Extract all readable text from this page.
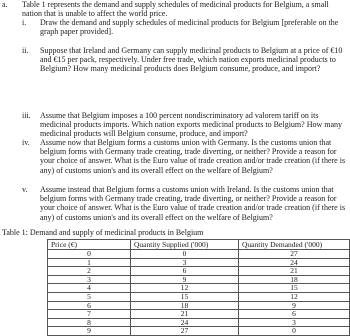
a. Table 1 represents the demand and supply schedules of medicinal products for Belgium, a small nation that is unable to affect the world price.
i.	Draw the demand and supply schedules of medicinal products for Belgium [preferable on the graph paper provided].
ii.	Suppose that Ireland and Germany can supply medicinal products to Belgium at a price of €10 and €15 per pack, respectively. Under free trade, which nation exports medicinal products to Belgium? How many medicinal products does Belgium consume, produce, and import?
iii.	Assume that Belgium imposes a 100 percent nondiscriminatory ad valorem tariff on its medicinal products imports. Which nation exports medicinal products to Belgium? How many medicinal products will Belgium consume, produce, and import?
iv.	Assume now that Belgium forms a customs union with Germany. Is the customs union that belgium forms with Germany trade creating, trade diverting, or neither? Provide a reason for your choice of answer. What is the Euro value of trade creation and/or trade creation (if there is any) of customs union's and its overall effect on the welfare of Belgium?
v.	Assume instead that Belgium forms a customs union with Ireland. Is the customs union that belgium forms with Germany trade creating, trade diverting, or neither? Provide a reason for your choice of answer. What is the Euro value of trade creation and/or trade creation (if there is any) of customs union's and its overall effect on the welfare of Belgium?
Table 1: Demand and supply of medicinal products in Belgium
Price (€)	Quantity Supplied ('000)	Quantity Demanded ('000)
0	0	27
1	3	24
2	6	21
3	9	18
4	12	15
5	15	12
6	18	9
7	21	6
8	24	3
9	27	0
